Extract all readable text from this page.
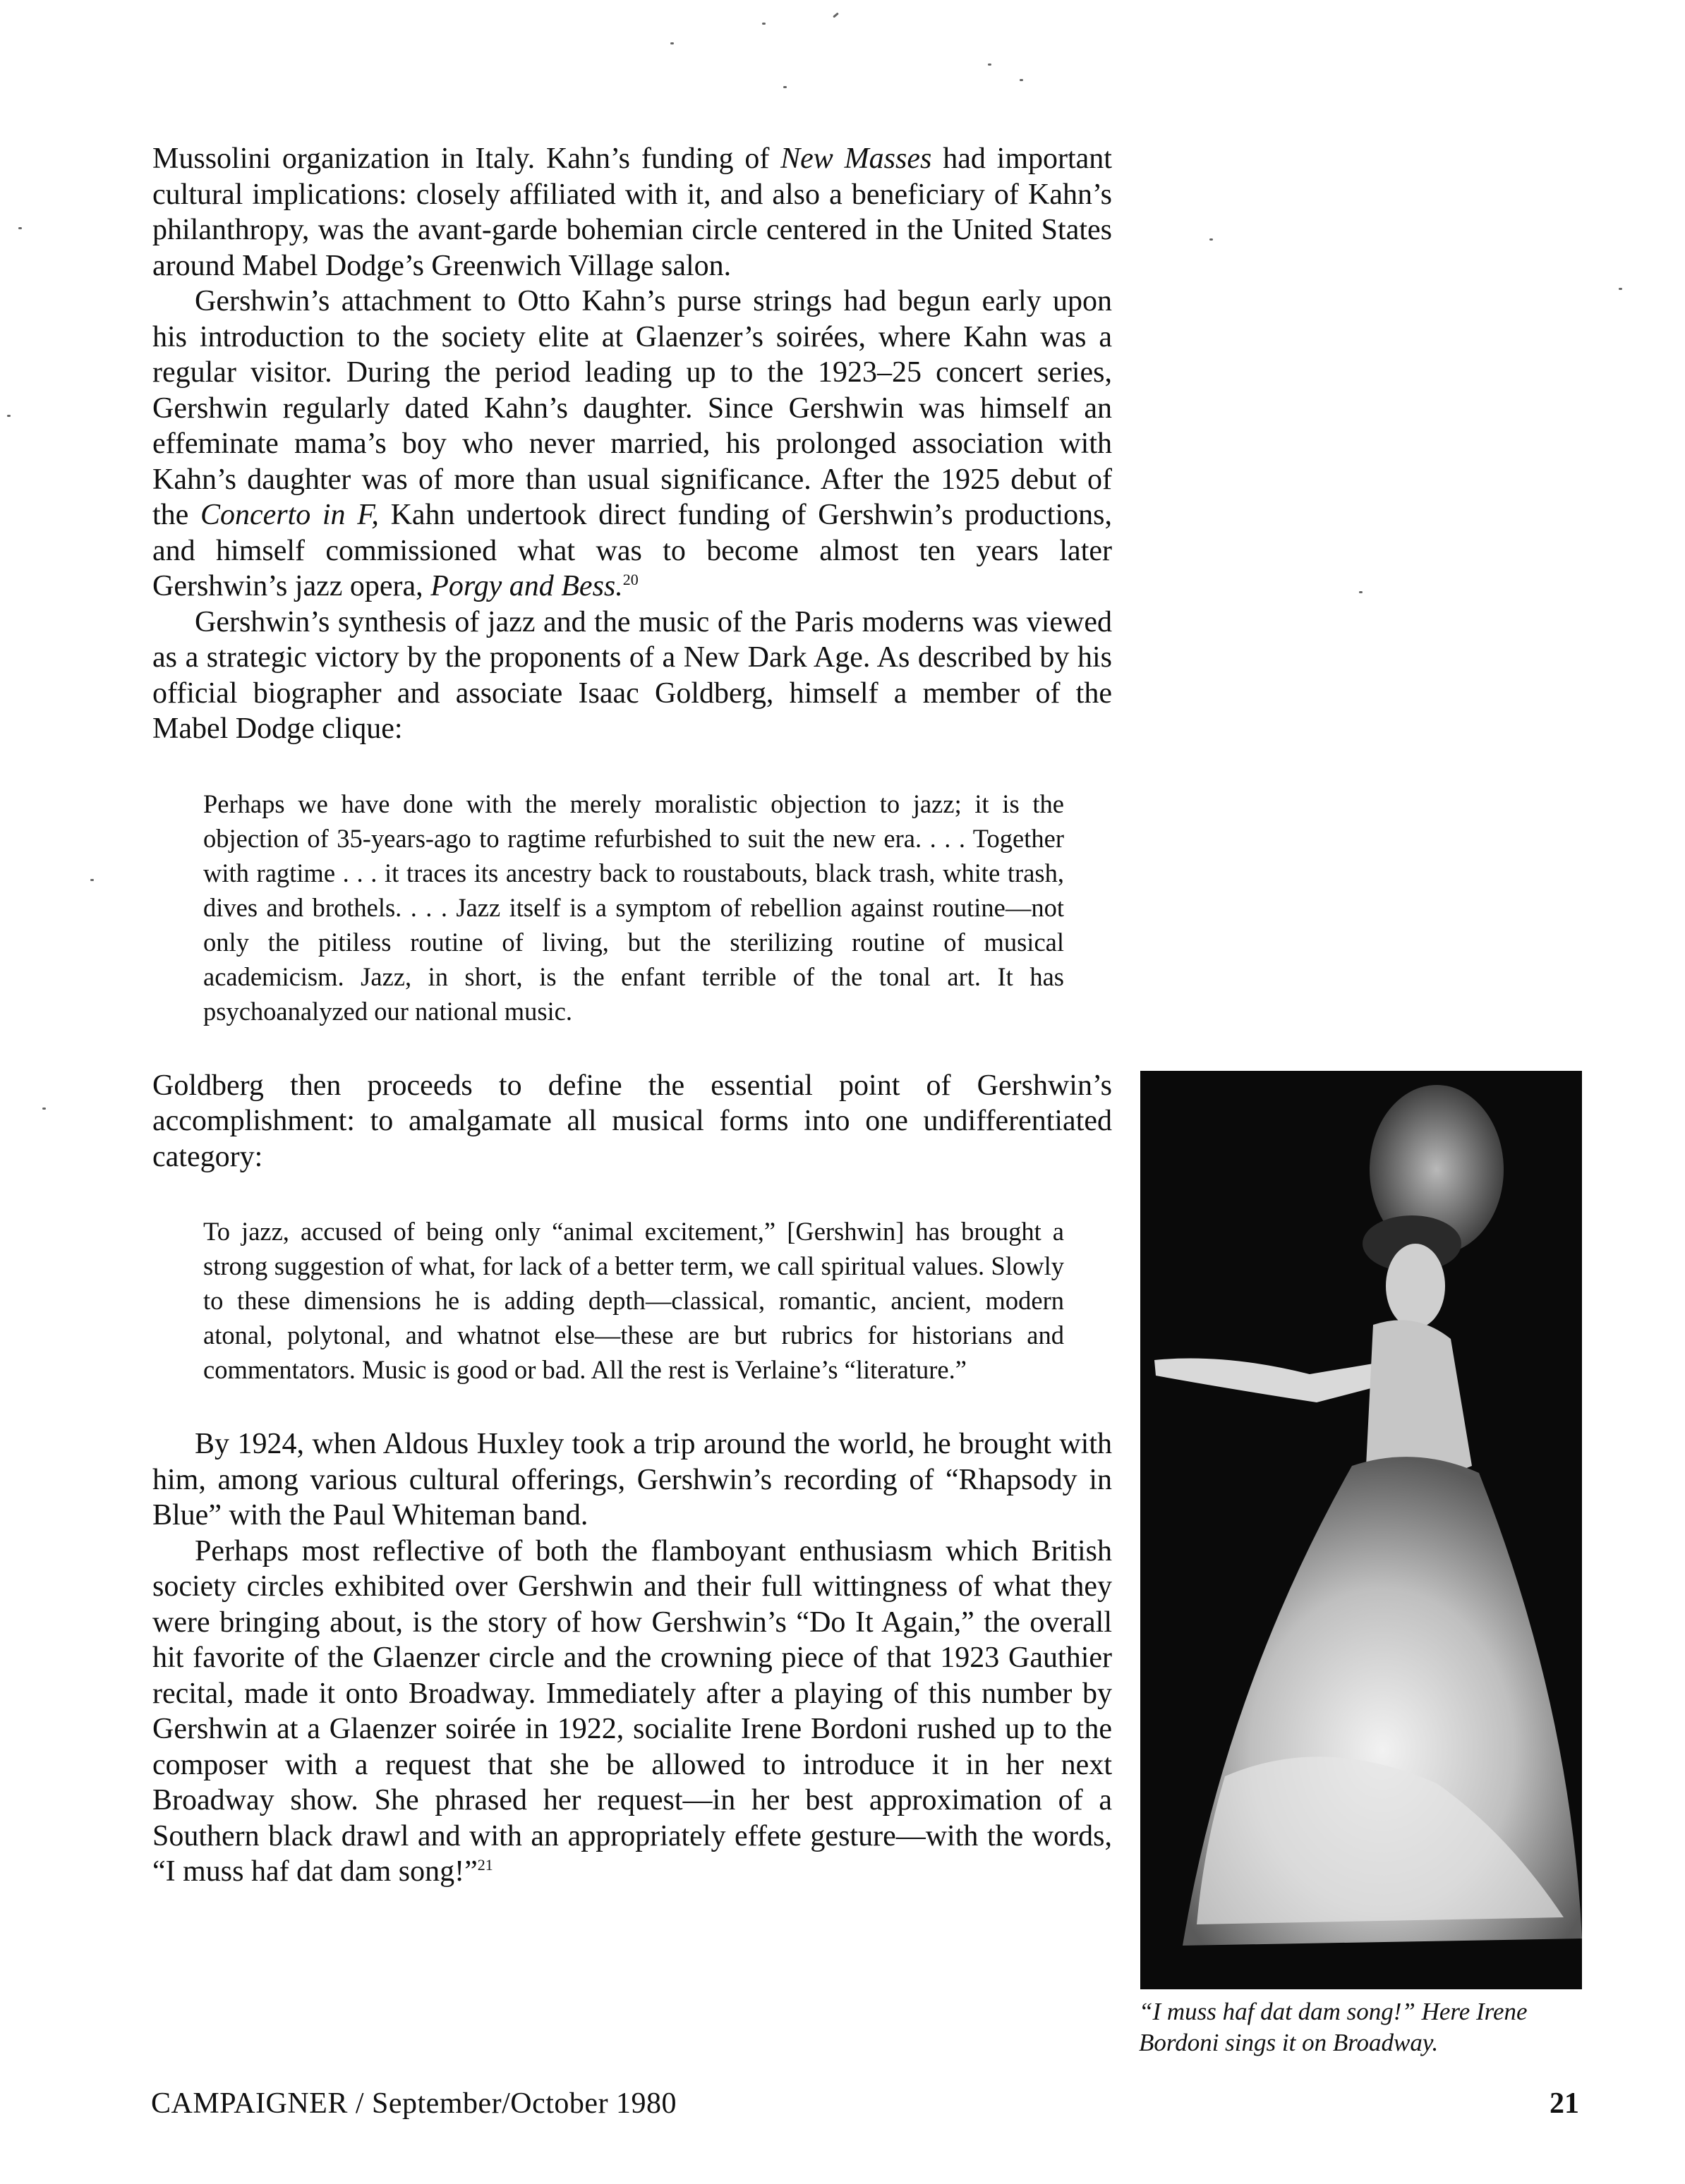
Mussolini organization in Italy. Kahn’s funding of New Masses had important cultural implications: closely affiliated with it, and also a beneficiary of Kahn’s philanthropy, was the avant-garde bohemian circle centered in the United States around Mabel Dodge’s Greenwich Village salon.

Gershwin’s attachment to Otto Kahn’s purse strings had begun early upon his introduction to the society elite at Glaenzer’s soirées, where Kahn was a regular visitor. During the period leading up to the 1923–25 concert series, Gershwin regularly dated Kahn’s daughter. Since Gershwin was himself an effeminate mama’s boy who never married, his prolonged association with Kahn’s daughter was of more than usual significance. After the 1925 debut of the Concerto in F, Kahn undertook direct funding of Gershwin’s productions, and himself commissioned what was to become almost ten years later Gershwin’s jazz opera, Porgy and Bess.$^{20}$

Gershwin’s synthesis of jazz and the music of the Paris moderns was viewed as a strategic victory by the proponents of a New Dark Age. As described by his official biographer and associate Isaac Goldberg, himself a member of the Mabel Dodge clique:

Perhaps we have done with the merely moralistic objection to jazz; it is the objection of 35-years-ago to ragtime refurbished to suit the new era. . . . Together with ragtime . . . it traces its ancestry back to roustabouts, black trash, white trash, dives and brothels. . . . Jazz itself is a symptom of rebellion against routine—not only the pitiless routine of living, but the sterilizing routine of musical academicism. Jazz, in short, is the enfant terrible of the tonal art. It has psychoanalyzed our national music.

Goldberg then proceeds to define the essential point of Gershwin’s accomplishment: to amalgamate all musical forms into one undifferentiated category:

To jazz, accused of being only “animal excitement,” [Gershwin] has brought a strong suggestion of what, for lack of a better term, we call spiritual values. Slowly to these dimensions he is adding depth—classical, romantic, ancient, modern atonal, polytonal, and whatnot else—these are but rubrics for historians and commentators. Music is good or bad. All the rest is Verlaine’s “literature.”

By 1924, when Aldous Huxley took a trip around the world, he brought with him, among various cultural offerings, Gershwin’s recording of “Rhapsody in Blue” with the Paul Whiteman band.

Perhaps most reflective of both the flamboyant enthusiasm which British society circles exhibited over Gershwin and their full wittingness of what they were bringing about, is the story of how Gershwin’s “Do It Again,” the overall hit favorite of the Glaenzer circle and the crowning piece of that 1923 Gauthier recital, made it onto Broadway. Immediately after a playing of this number by Gershwin at a Glaenzer soirée in 1922, socialite Irene Bordoni rushed up to the composer with a request that she be allowed to introduce it in her next Broadway show. She phrased her request—in her best approximation of a Southern black drawl and with an appropriately effete gesture—with the words, “I muss haf dat dam song!”$^{21}$

“I muss haf dat dam song!” Here Irene Bordoni sings it on Broadway.
CAMPAIGNER / September/October 1980	21
